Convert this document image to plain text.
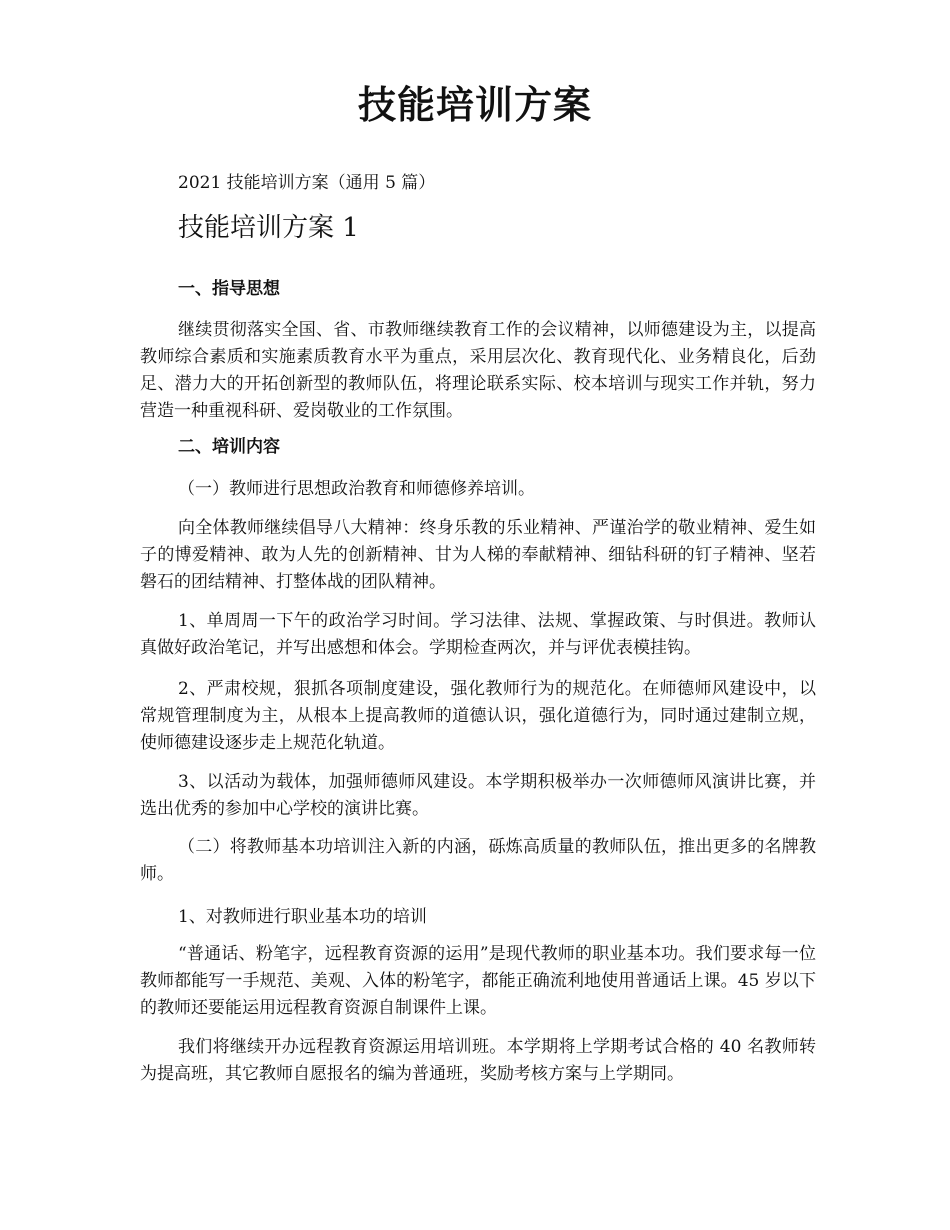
技能培训方案

2021 技能培训方案（通用 5 篇）

技能培训方案 1
一、指导思想

继续贯彻落实全国、省、市教师继续教育工作的会议精神，以师德建设为主，以提高教师综合素质和实施素质教育水平为重点，采用层次化、教育现代化、业务精良化，后劲足、潜力大的开拓创新型的教师队伍，将理论联系实际、校本培训与现实工作并轨，努力营造一种重视科研、爱岗敬业的工作氛围。

二、培训内容

（一）教师进行思想政治教育和师德修养培训。

向全体教师继续倡导八大精神：终身乐教的乐业精神、严谨治学的敬业精神、爱生如子的博爱精神、敢为人先的创新精神、甘为人梯的奉献精神、细钻科研的钉子精神、坚若磐石的团结精神、打整体战的团队精神。

1、单周周一下午的政治学习时间。学习法律、法规、掌握政策、与时俱进。教师认真做好政治笔记，并写出感想和体会。学期检查两次，并与评优表模挂钩。

2、严肃校规，狠抓各项制度建设，强化教师行为的规范化。在师德师风建设中，以常规管理制度为主，从根本上提高教师的道德认识，强化道德行为，同时通过建制立规，使师德建设逐步走上规范化轨道。

3、以活动为载体，加强师德师风建设。本学期积极举办一次师德师风演讲比赛，并选出优秀的参加中心学校的演讲比赛。

（二）将教师基本功培训注入新的内涵，砾炼高质量的教师队伍，推出更多的名牌教师。

1、对教师进行职业基本功的培训

“普通话、粉笔字，远程教育资源的运用”是现代教师的职业基本功。我们要求每一位教师都能写一手规范、美观、入体的粉笔字，都能正确流利地使用普通话上课。45 岁以下的教师还要能运用远程教育资源自制课件上课。

我们将继续开办远程教育资源运用培训班。本学期将上学期考试合格的 40 名教师转为提高班，其它教师自愿报名的编为普通班，奖励考核方案与上学期同。
